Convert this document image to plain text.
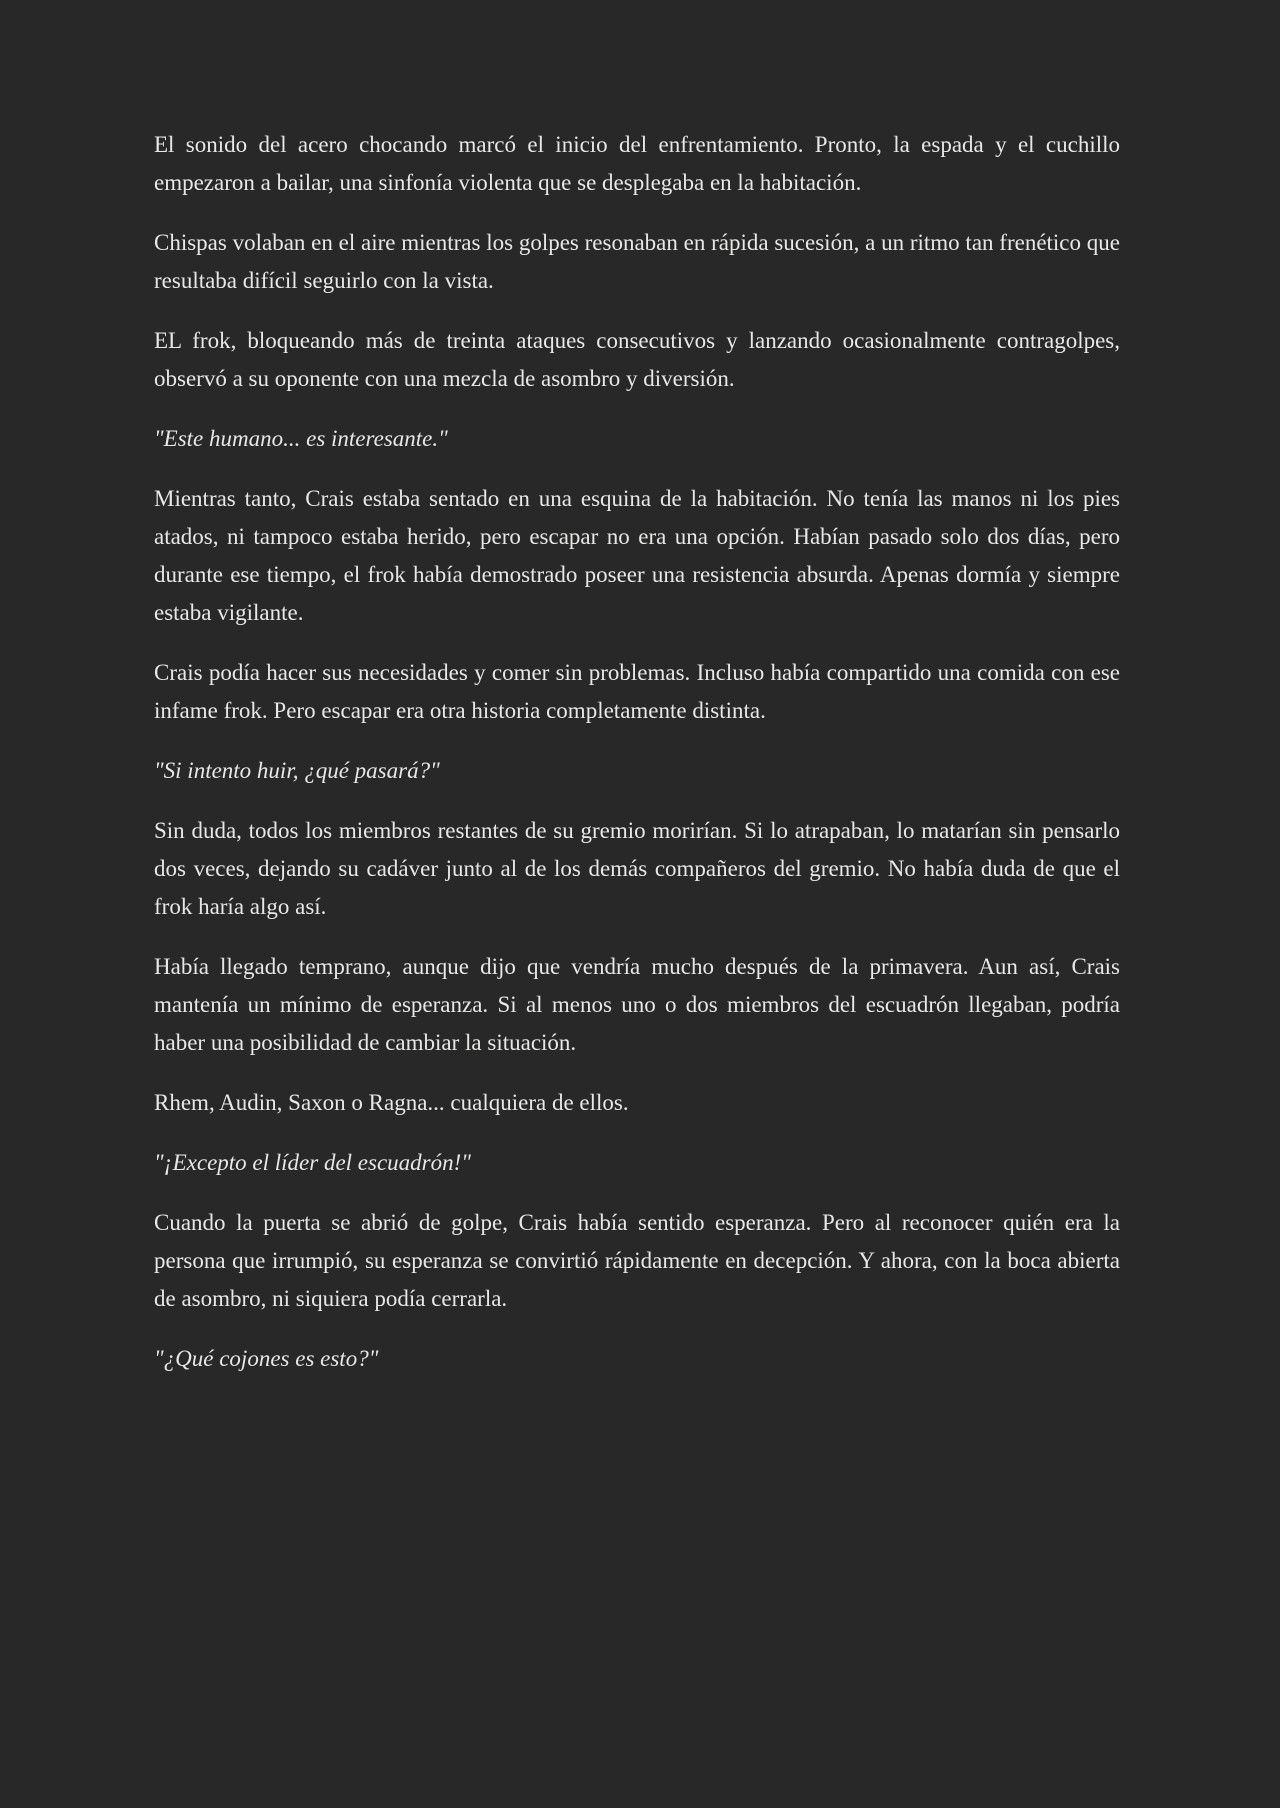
El sonido del acero chocando marcó el inicio del enfrentamiento. Pronto, la espada y el cuchillo empezaron a bailar, una sinfonía violenta que se desplegaba en la habitación.

Chispas volaban en el aire mientras los golpes resonaban en rápida sucesión, a un ritmo tan frenético que resultaba difícil seguirlo con la vista.

EL frok, bloqueando más de treinta ataques consecutivos y lanzando ocasionalmente contragolpes, observó a su oponente con una mezcla de asombro y diversión.

"Este humano... es interesante."

Mientras tanto, Crais estaba sentado en una esquina de la habitación. No tenía las manos ni los pies atados, ni tampoco estaba herido, pero escapar no era una opción. Habían pasado solo dos días, pero durante ese tiempo, el frok había demostrado poseer una resistencia absurda. Apenas dormía y siempre estaba vigilante.

Crais podía hacer sus necesidades y comer sin problemas. Incluso había compartido una comida con ese infame frok. Pero escapar era otra historia completamente distinta.

"Si intento huir, ¿qué pasará?"

Sin duda, todos los miembros restantes de su gremio morirían. Si lo atrapaban, lo matarían sin pensarlo dos veces, dejando su cadáver junto al de los demás compañeros del gremio. No había duda de que el frok haría algo así.

Había llegado temprano, aunque dijo que vendría mucho después de la primavera. Aun así, Crais mantenía un mínimo de esperanza. Si al menos uno o dos miembros del escuadrón llegaban, podría haber una posibilidad de cambiar la situación.

Rhem, Audin, Saxon o Ragna... cualquiera de ellos.

"¡Excepto el líder del escuadrón!"

Cuando la puerta se abrió de golpe, Crais había sentido esperanza. Pero al reconocer quién era la persona que irrumpió, su esperanza se convirtió rápidamente en decepción. Y ahora, con la boca abierta de asombro, ni siquiera podía cerrarla.

"¿Qué cojones es esto?"
